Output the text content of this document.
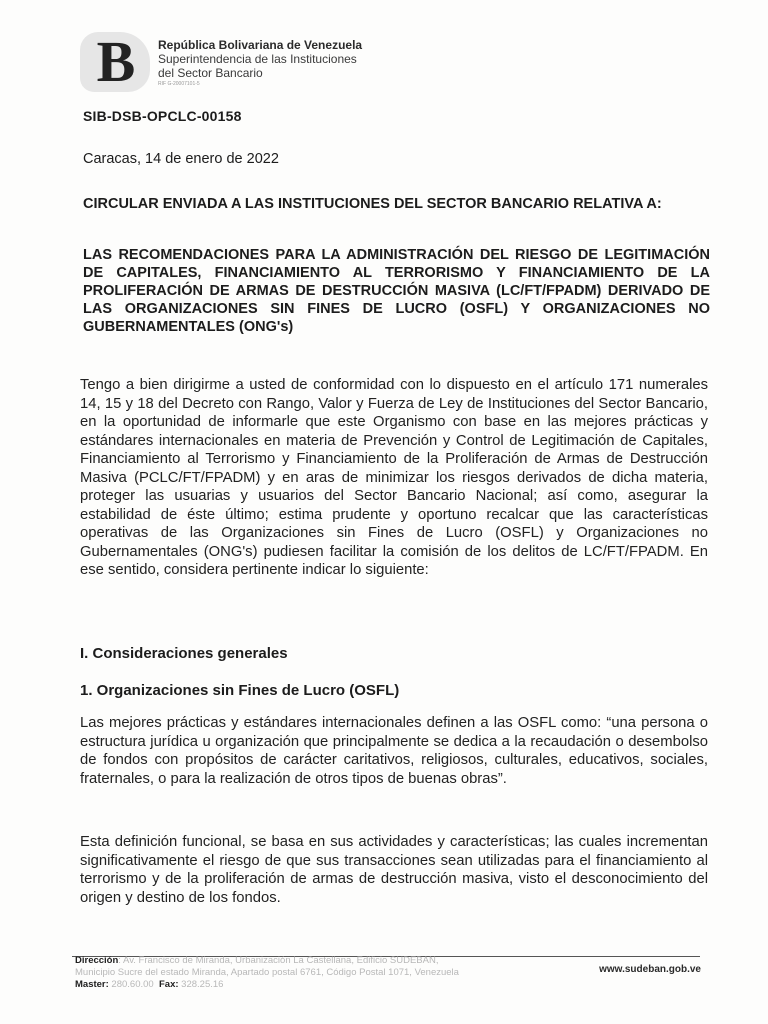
B República Bolivariana de Venezuela
Superintendencia de las Instituciones
del Sector Bancario
RIF G-20007101-5
SIB-DSB-OPCLC-00158
Caracas, 14 de enero de 2022
CIRCULAR ENVIADA A LAS INSTITUCIONES DEL SECTOR BANCARIO RELATIVA A:
LAS RECOMENDACIONES PARA LA ADMINISTRACIÓN DEL RIESGO DE LEGITIMACIÓN DE CAPITALES, FINANCIAMIENTO AL TERRORISMO Y FINANCIAMIENTO DE LA PROLIFERACIÓN DE ARMAS DE DESTRUCCIÓN MASIVA (LC/FT/FPADM) DERIVADO DE LAS ORGANIZACIONES SIN FINES DE LUCRO (OSFL) Y ORGANIZACIONES NO GUBERNAMENTALES (ONG's)
Tengo a bien dirigirme a usted de conformidad con lo dispuesto en el artículo 171 numerales 14, 15 y 18 del Decreto con Rango, Valor y Fuerza de Ley de Instituciones del Sector Bancario, en la oportunidad de informarle que este Organismo con base en las mejores prácticas y estándares internacionales en materia de Prevención y Control de Legitimación de Capitales, Financiamiento al Terrorismo y Financiamiento de la Proliferación de Armas de Destrucción Masiva (PCLC/FT/FPADM) y en aras de minimizar los riesgos derivados de dicha materia, proteger las usuarias y usuarios del Sector Bancario Nacional; así como, asegurar la estabilidad de éste último; estima prudente y oportuno recalcar que las características operativas de las Organizaciones sin Fines de Lucro (OSFL) y Organizaciones no Gubernamentales (ONG's) pudiesen facilitar la comisión de los delitos de LC/FT/FPADM. En ese sentido, considera pertinente indicar lo siguiente:
I. Consideraciones generales
1. Organizaciones sin Fines de Lucro (OSFL)
Las mejores prácticas y estándares internacionales definen a las OSFL como: “una persona o estructura jurídica u organización que principalmente se dedica a la recaudación o desembolso de fondos con propósitos de carácter caritativos, religiosos, culturales, educativos, sociales, fraternales, o para la realización de otros tipos de buenas obras”.
Esta definición funcional, se basa en sus actividades y características; las cuales incrementan significativamente el riesgo de que sus transacciones sean utilizadas para el financiamiento al terrorismo y de la proliferación de armas de destrucción masiva, visto el desconocimiento del origen y destino de los fondos.
Dirección: Av. Francisco de Miranda, Urbanización La Castellana, Edificio SUDEBAN,
Municipio Sucre del estado Miranda, Apartado postal 6761, Código Postal 1071, Venezuela
Master: 280.60.00 Fax: 328.25.16
www.sudeban.gob.ve
